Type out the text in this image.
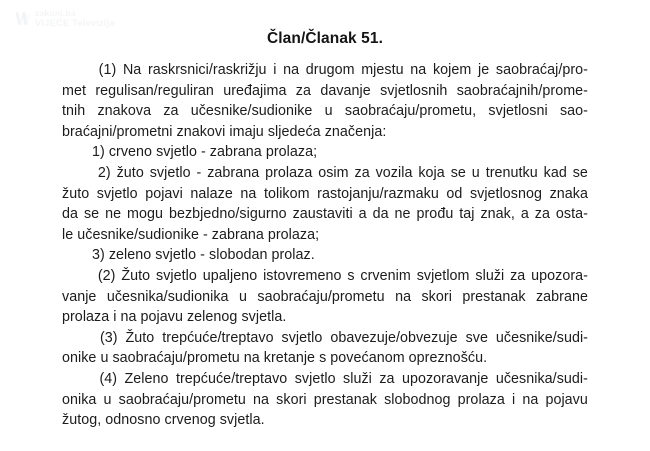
zakoni.ba
VIJEĆE Televizija
Član/Članak 51.
(1) Na raskrsnici/raskrižju i na drugom mjestu na kojem je saobraćaj/pro-
met regulisan/reguliran uređajima za davanje svjetlosnih saobraćajnih/prome-
tnih znakova za učesnike/sudionike u saobraćaju/prometu, svjetlosni sao-
braćajni/prometni znakovi imaju sljedeća značenja:
1) crveno svjetlo - zabrana prolaza;
2) žuto svjetlo - zabrana prolaza osim za vozila koja se u trenutku kad se
žuto svjetlo pojavi nalaze na tolikom rastojanju/razmaku od svjetlosnog znaka
da se ne mogu bezbjedno/sigurno zaustaviti a da ne prođu taj znak, a za osta-
le učesnike/sudionike - zabrana prolaza;
3) zeleno svjetlo - slobodan prolaz.
(2) Žuto svjetlo upaljeno istovremeno s crvenim svjetlom služi za upozora-
vanje učesnika/sudionika u saobraćaju/prometu na skori prestanak zabrane
prolaza i na pojavu zelenog svjetla.
(3) Žuto trepćuće/treptavo svjetlo obavezuje/obvezuje sve učesnike/sudi-
onike u saobraćaju/prometu na kretanje s povećanom opreznošću.
(4) Zeleno trepćuće/treptavo svjetlo služi za upozoravanje učesnika/sudi-
onika u saobraćaju/prometu na skori prestanak slobodnog prolaza i na pojavu
žutog, odnosno crvenog svjetla.
